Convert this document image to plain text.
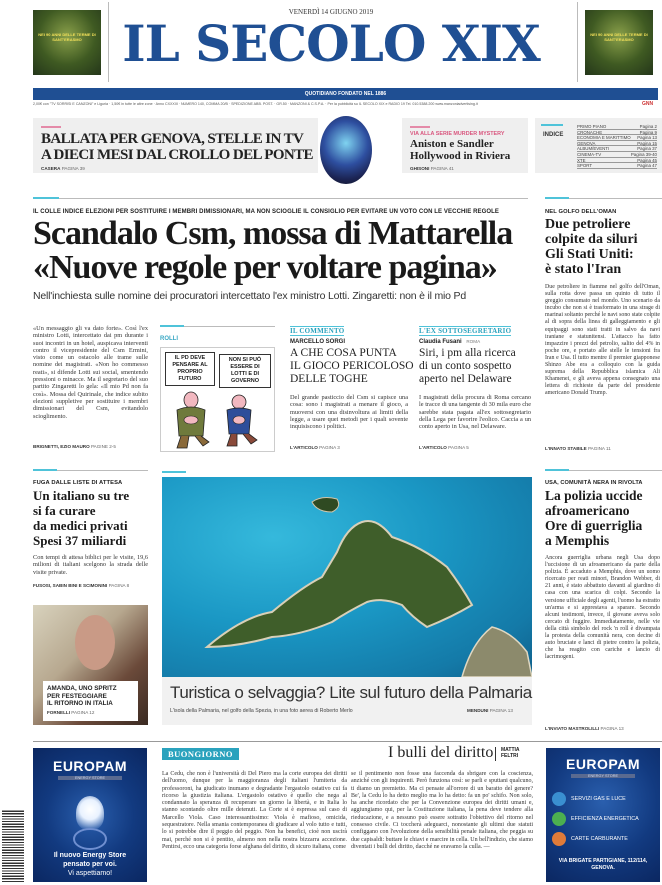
NEI 90 ANNI DELLE TERME DI SANT'ERASMO
NEI 90 ANNI DELLE TERME DI SANT'ERASMO
VENERDÌ 14 GIUGNO 2019
IL SECOLO XIX
QUOTIDIANO FONDATO NEL 1886
2,00€ con "TV SORRISI E CANZONI" e Liguria · 1,50€ in tutte le altre zone · Anno CXXXIII · NUMERO 140, COMMA 20/B · SPEDIZIONE ABB. POST. · GR.50 · MANZONI & C.S.P.A. · Per la pubblicità su IL SECOLO XIX e RADIO 19 Tel. 010.5388.200 www.manzoniadvertising.it	GNN
BALLATA PER GENOVA, STELLE IN TV
A DIECI MESI DAL CROLLO DEL PONTE
CASERA PAGINA 39
VIA ALLA SERIE MURDER MYSTERY
Aniston e Sandler
Hollywood in Riviera
GHISONI PAGINA 41
INDICE
PRIMO PIANO	Pagina 2
CRONACHE	Pagina 9
ECONOMIA E MARITTIMO Pagina 13
GENOVA	Pagina 15
ALBUM/EVENTI	Pagina 37
CINEMA-TV	Pagina 39-40
XTE	Pagina 45
SPORT	Pagina 47
IL COLLE INDICE ELEZIONI PER SOSTITUIRE I MEMBRI DIMISSIONARI, MA NON SCIOGLIE IL CONSIGLIO PER EVITARE UN VOTO CON LE VECCHIE REGOLE
Scandalo Csm, mossa di Mattarella
«Nuove regole per voltare pagina»
Nell'inchiesta sulle nomine dei procuratori intercettato l'ex ministro Lotti. Zingaretti: non è il mio Pd
«Un messaggio gli va dato forte». Così l'ex ministro Lotti, intercettato dai pm durante i suoi incontri in un hotel, auspicava interventi contro il vicepresidente del Csm Ermini, visto come un ostacolo alle trame sulle nomine dei magistrati. «Non ho commesso reati», si difende Lotti sui social, smentendo pressioni o minacce. Ma il segretario del suo partito Zingaretti lo gela: «Il mio Pd non fa così». Mossa del Quirinale, che indice subito elezioni suppletive per sostituire i membri dimissionari del Csm, evitandolo scioglimento.
BRIGNETTI, EZIO MAURO PAGINE 2-5
ROLLI
IL PD DEVE PENSARE AL PROPRIO FUTURO
NON SI PUÒ ESSERE DI LOTTI E DI GOVERNO
IL COMMENTO
MARCELLO SORGI
A CHE COSA PUNTA
IL GIOCO PERICOLOSO
DELLE TOGHE
Del grande pasticcio del Csm si capisce una cosa: sono i magistrati a menare il gioco, a muoversi con una disinvoltura ai limiti della legge, a usare quei metodi per i quali sovente inquisiscono i politici.
L'ARTICOLO PAGINA 3
L'EX SOTTOSEGRETARIO
Claudia Fusani ROMA
Siri, i pm alla ricerca
di un conto sospetto
aperto nel Delaware
I magistrati della procura di Roma cercano le tracce di una tangente di 30 mila euro che sarebbe stata pagata all'ex sottosegretario della Lega per favorire l'eolico. Caccia a un conto aperto in Usa, nel Delaware.
L'ARTICOLO PAGINA 5
NEL GOLFO DELL'OMAN
Due petroliere
colpite da siluri
Gli Stati Uniti:
è stato l'Iran
Due petroliere in fiamme nel golfo dell'Oman, sulla rotta dove passa un quinto di tutto il greggio consumato nel mondo. Uno scenario da incubo che non si è trasformato in una strage di marinai soltanto perché le navi sono state colpite al di sopra della linea di galleggiamento e gli equipaggi sono stati tratti in salvo da navi iraniane e statunitensi. L'attacco ha fatto impazzire i prezzi del petrolio, salito del 4% in poche ore, e portato alle stelle le tensioni fra Iran e Usa. Il tutto mentre il premier giapponese Shinzo Abe era a colloquio con la guida suprema della Repubblica islamica Ali Khamenei, e gli aveva appena consegnato una lettera di richieste da parte del presidente americano Donald Trump.
L'INNATO STABILE PAGINA 11
FUGA DALLE LISTE DI ATTESA
Un italiano su tre
si fa curare
da medici privati
Spesi 37 miliardi
Con tempi di attesa biblici per le visite, 19,6 milioni di italiani scelgono la strada delle visite private.
FUSOSI, SABIN BINI E SCIMONINI PAGINA 8
AMANDA, UNO SPRITZ
PER FESTEGGIARE
IL RITORNO IN ITALIA
FORNELLI PAGINA 12
Turistica o selvaggia? Lite sul futuro della Palmaria
L'isola della Palmaria, nel golfo della Spezia, in una foto aerea di Roberto Merlo	MENDUNI PAGINA 13
USA, COMUNITÀ NERA IN RIVOLTA
La polizia uccide
afroamericano
Ore di guerriglia
a Memphis
Ancora guerriglia urbana negli Usa dopo l'uccisione di un afroamericano da parte della polizia. È accaduto a Memphis, dove un uomo ricercato per reati minori, Brandon Webber, di 21 anni, è stato abbattuto davanti al giardino di casa con una scarica di colpi. Secondo la versione ufficiale degli agenti, l'uomo ha estratto un'arma e si apprestava a sparare. Secondo alcuni testimoni, invece, il giovane aveva solo cercato di fuggire. Immediatamente, nelle vie della città simbolo del rock 'n roll è divampata la protesta della comunità nera, con decine di auto bruciate e lanci di pietre contro la polizia, che ha reagito con cariche e lancio di lacrimogeni.
L'INVIATO MASTROLILLI PAGINA 13
BUONGIORNO	I bulli del diritto MATTIA
FELTRI
La Cedu, che non è l'università di Del Piero ma la corte europea dei diritti dell'uomo, dunque per la maggioranza degli italiani l'umiteria da professoroni, ha giudicato inumano e degradante l'ergastolo ostativo cui fa ricorso la giustizia italiana. L'ergastolo ostativo è quello che nega al condannato la speranza di recuperare un giorno la libertà, e in Italia lo stanno scontando oltre mille detenuti. La Corte si è espressa sul caso di Marcello Viola. Caso interessantissimo: Viola è mafioso, omicida, sequestratore. Nella smania contemporanea di giudicare al volo tutto e tutti, lo si potrebbe dire il peggio del peggio. Non ha benefici, cioè non uscirà mai, perché non si è pentito, almeno non nella nostra bizzarra accezione. Pentirsi, ecco una categoria forse afghana del diritto, di sicuro italiana, come
se il pentimento non fosse una faccenda da sbrigare con la coscienza, anziché con gli inquirenti. Però funziona così: se parli e sputtani qualcuno, ti diamo un premietto. Ma ci pensate all'orrore di un baratto del genere? Be', la Cedu lo ha detto meglio ma lo ha detto: fa un po' schifo. Non solo, ha anche ricordato che per la Convenzione europea dei diritti umani e, aggiungiamo qui, per la Costituzione italiana, la pena deve tendere alla rieducazione, e a nessuno può essere sottratto l'obiettivo del ritorno nel consesso civile. Ci toccherà adeguarci, nonostante gli ultimi due statuti configgano con l'evoluzione della sensibilità penale italiana, che peggia su due capisaldi: buttare le chiavi e marcire in cella. Un bell'indizio, che siamo diventati i bulli del diritto, dacché ne eravamo la culla. —
EUROPAM
ENERGY STORE
Il nuovo Energy Store
pensato per voi.
Vi aspettiamo!
EUROPAM
ENERGY STORE
SERVIZI GAS E LUCE
EFFICIENZA ENERGETICA
CARTE CARBURANTE
VIA BRIGATE PARTIGIANE, 112/114,
GENOVA.
